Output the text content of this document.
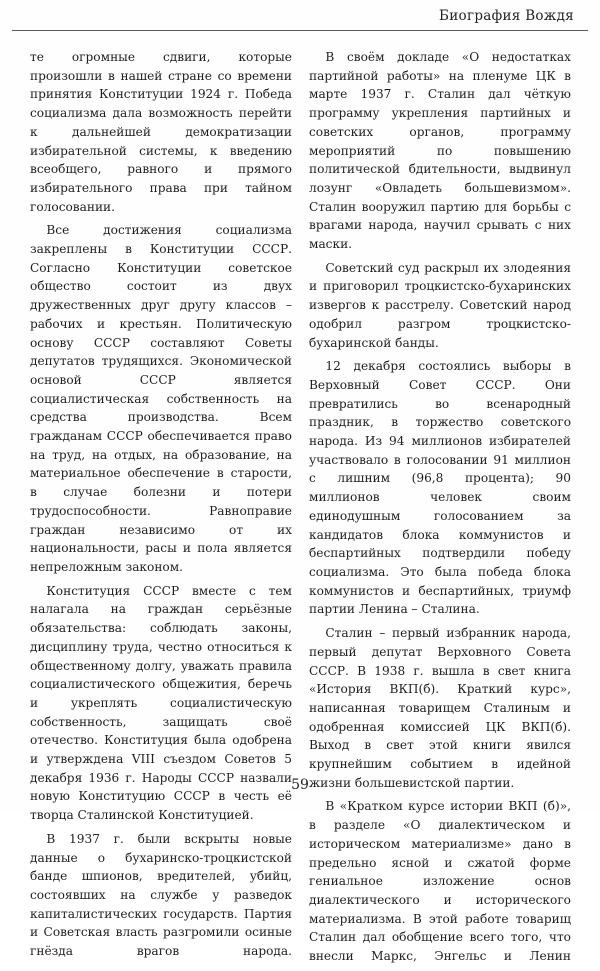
Биография Вождя

те огромные сдвиги, которые произошли в нашей стране со времени принятия Конституции 1924 г. Победа социализма дала возможность перейти к дальнейшей демократизации избирательной системы, к введению всеобщего, равного и прямого избирательного права при тайном голосовании.

Все достижения социализма закреплены в Конституции СССР. Согласно Конституции советское общество состоит из двух дружественных друг другу классов – рабочих и крестьян. Политическую основу СССР составляют Советы депутатов трудящихся. Экономической основой СССР является социалистическая собственность на средства производства. Всем гражданам СССР обеспечивается право на труд, на отдых, на образование, на материальное обеспечение в старости, в случае болезни и потери трудоспособности. Равноправие граждан независимо от их национальности, расы и пола является непреложным законом.

Конституция СССР вместе с тем налагала на граждан серьёзные обязательства: соблюдать законы, дисциплину труда, честно относиться к общественному долгу, уважать правила социалистического общежития, беречь и укреплять социалистическую собственность, защищать своё отечество. Конституция была одобрена и утверждена VIII съездом Советов 5 декабря 1936 г. Народы СССР назвали новую Конституцию СССР в честь её творца Сталинской Конституцией.

В 1937 г. были вскрыты новые данные о бухаринско-троцкистской банде шпионов, вредителей, убийц, состоявших на службе у разведок капиталистических государств. Партия и Советская власть разгромили осиные гнёзда врагов народа.

В своём докладе «О недостатках партийной работы» на пленуме ЦК в марте 1937 г. Сталин дал чёткую программу укрепления партийных и советских органов, программу мероприятий по повышению политической бдительности, выдвинул лозунг «Овладеть большевизмом». Сталин вооружил партию для борьбы с врагами народа, научил срывать с них маски.

Советский суд раскрыл их злодеяния и приговорил троцкистско-бухаринских извергов к расстрелу. Советский народ одобрил разгром троцкистско-бухаринской банды.

12 декабря состоялись выборы в Верховный Совет СССР. Они превратились во всенародный праздник, в торжество советского народа. Из 94 миллионов избирателей участвовало в голосовании 91 миллион с лишним (96,8 процента); 90 миллионов человек своим единодушным голосованием за кандидатов блока коммунистов и беспартийных подтвердили победу социализма. Это была победа блока коммунистов и беспартийных, триумф партии Ленина – Сталина.

Сталин – первый избранник народа, первый депутат Верховного Совета СССР. В 1938 г. вышла в свет книга «История ВКП(б). Краткий курс», написанная товарищем Сталиным и одобренная комиссией ЦК ВКП(б). Выход в свет этой книги явился крупнейшим событием в идейной жизни большевистской партии.

В «Кратком курсе истории ВКП (б)», в разделе «О диалектическом и историческом материализме» дано в предельно ясной и сжатой форме гениальное изложение основ диалектического и исторического материализма. В этой работе товарищ Сталин дал обобщение всего того, что внесли Маркс, Энгельс и Ленин

59
